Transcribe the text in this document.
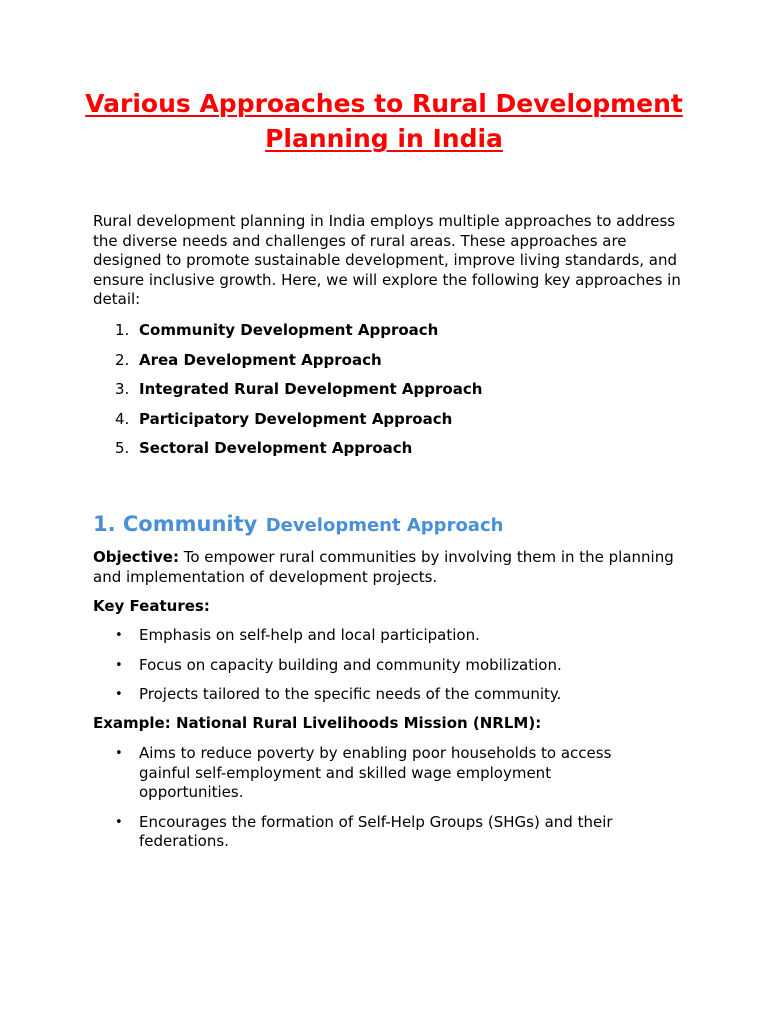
Various Approaches to Rural Development Planning in India

Rural development planning in India employs multiple approaches to address the diverse needs and challenges of rural areas. These approaches are designed to promote sustainable development, improve living standards, and ensure inclusive growth. Here, we will explore the following key approaches in detail:

1. Community Development Approach
2. Area Development Approach
3. Integrated Rural Development Approach
4. Participatory Development Approach
5. Sectoral Development Approach
1. Community Development Approach

Objective: To empower rural communities by involving them in the planning and implementation of development projects.

Key Features:

• Emphasis on self-help and local participation.
• Focus on capacity building and community mobilization.
• Projects tailored to the specific needs of the community.

Example: National Rural Livelihoods Mission (NRLM):

• Aims to reduce poverty by enabling poor households to access gainful self-employment and skilled wage employment opportunities.
• Encourages the formation of Self-Help Groups (SHGs) and their federations.
